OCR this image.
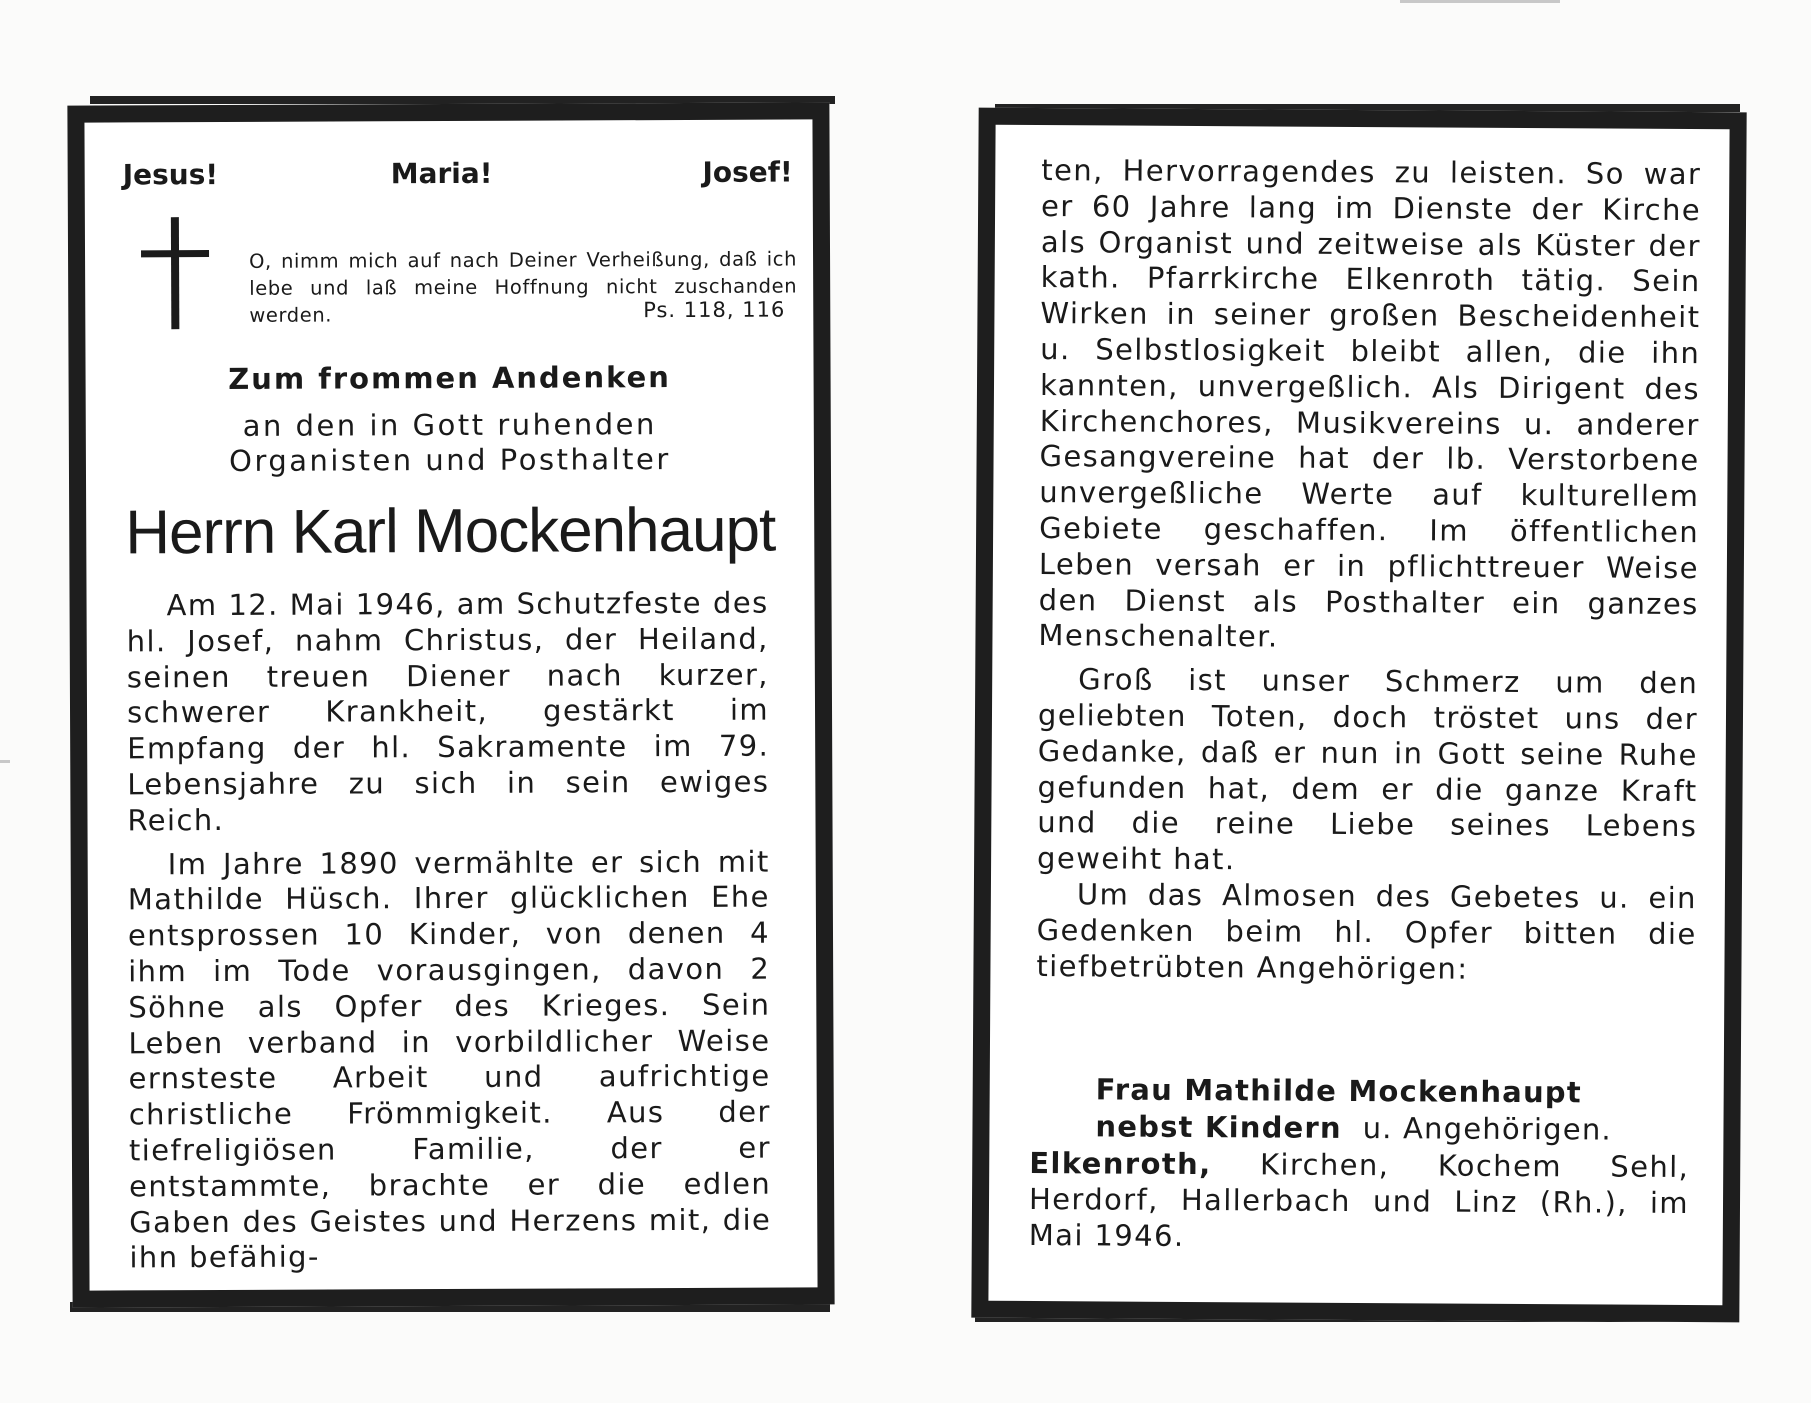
Jesus!	Maria!	Josef!
O, nimm mich auf nach Deiner Verheißung, daß ich lebe und laß meine Hoffnung nicht zuschanden werden.	Ps. 118, 116
Zum frommen Andenken
an den in Gott ruhenden
Organisten und Posthalter
Herrn Karl Mockenhaupt

Am 12. Mai 1946, am Schutzfeste des hl. Josef, nahm Christus, der Heiland, seinen treuen Diener nach kurzer, schwerer Krankheit, gestärkt im Empfang der hl. Sakramente im 79. Lebensjahre zu sich in sein ewiges Reich.

Im Jahre 1890 vermählte er sich mit Mathilde Hüsch. Ihrer glücklichen Ehe entsprossen 10 Kinder, von denen 4 ihm im Tode vorausgingen, davon 2 Söhne als Opfer des Krieges. Sein Leben verband in vorbildlicher Weise ernsteste Arbeit und aufrichtige christliche Frömmigkeit. Aus der tiefreligiösen Familie, der er entstammte, brachte er die edlen Gaben des Geistes und Herzens mit, die ihn befähig-

ten, Hervorragendes zu leisten. So war er 60 Jahre lang im Dienste der Kirche als Organist und zeitweise als Küster der kath. Pfarrkirche Elkenroth tätig. Sein Wirken in seiner großen Bescheidenheit u. Selbstlosigkeit bleibt allen, die ihn kannten, unvergeßlich. Als Dirigent des Kirchenchores, Musikvereins u. anderer Gesangvereine hat der lb. Verstorbene unvergeßliche Werte auf kulturellem Gebiete geschaffen. Im öffentlichen Leben versah er in pflichttreuer Weise den Dienst als Posthalter ein ganzes Menschenalter.

Groß ist unser Schmerz um den geliebten Toten, doch tröstet uns der Gedanke, daß er nun in Gott seine Ruhe gefunden hat, dem er die ganze Kraft und die reine Liebe seines Lebens geweiht hat.

Um das Almosen des Gebetes u. ein Gedenken beim hl. Opfer bitten die tiefbetrübten Angehörigen:

Frau Mathilde Mockenhaupt
nebst Kindern u. Angehörigen.
Elkenroth, Kirchen, Kochem Sehl, Herdorf, Hallerbach und Linz (Rh.), im Mai 1946.
